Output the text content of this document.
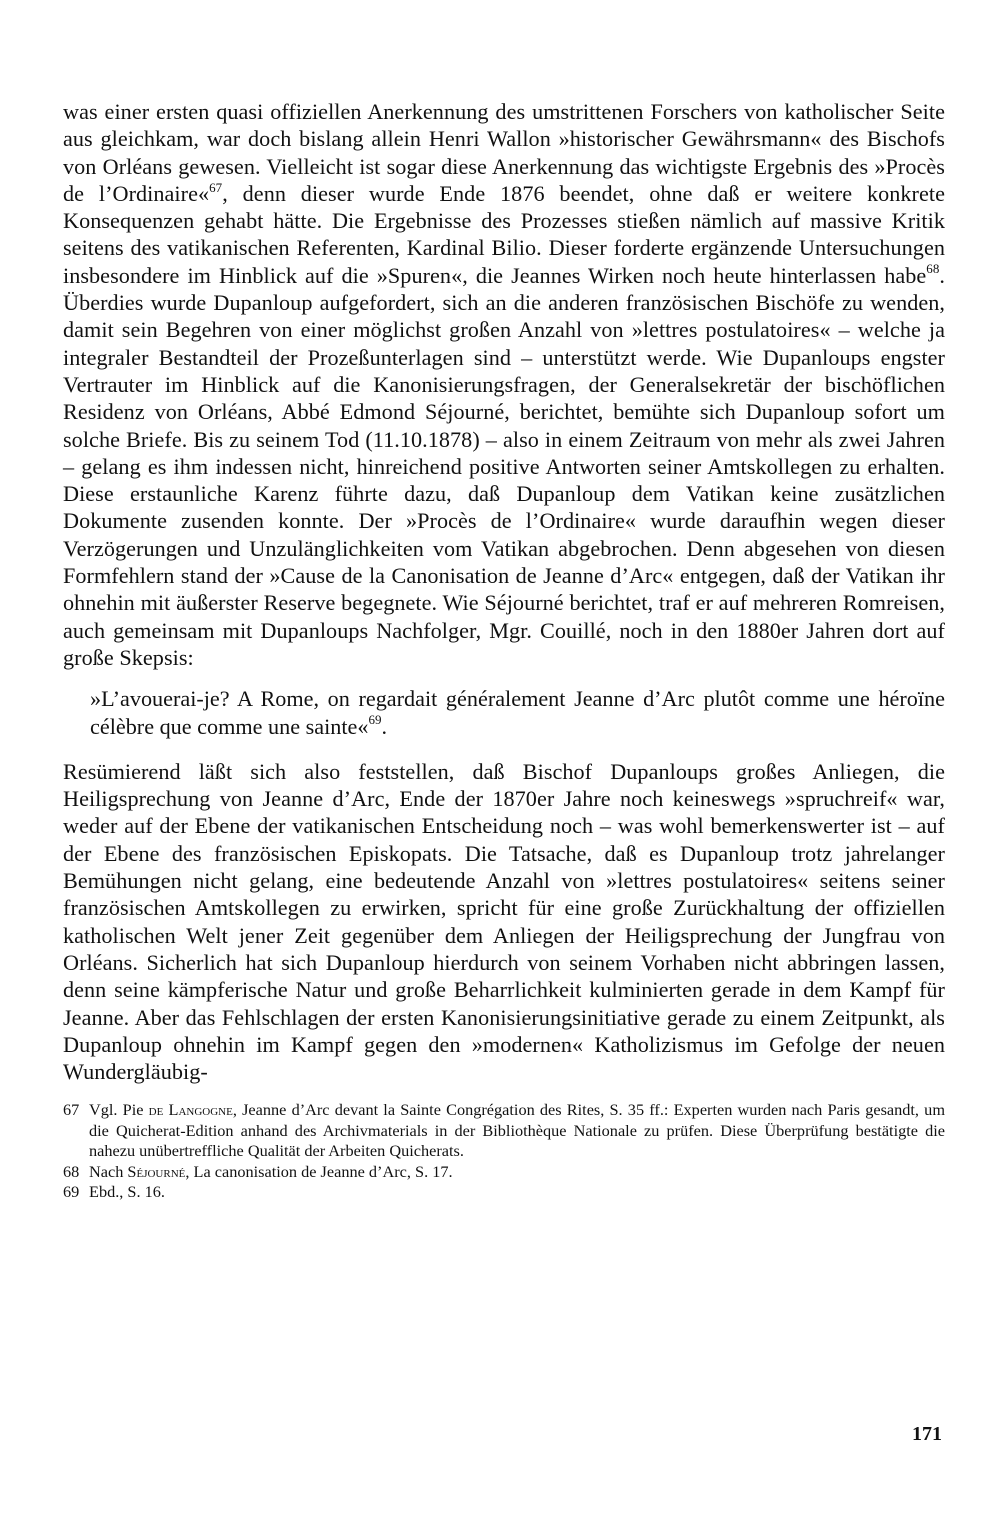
was einer ersten quasi offiziellen Anerkennung des umstrittenen Forschers von katholischer Seite aus gleichkam, war doch bislang allein Henri Wallon »historischer Gewährsmann« des Bischofs von Orléans gewesen. Vielleicht ist sogar diese Anerkennung das wichtigste Ergebnis des »Procès de l’Ordinaire«$^{67}$, denn dieser wurde Ende 1876 beendet, ohne daß er weitere konkrete Konsequenzen gehabt hätte. Die Ergebnisse des Prozesses stießen nämlich auf massive Kritik seitens des vatikanischen Referenten, Kardinal Bilio. Dieser forderte ergänzende Untersuchungen insbesondere im Hinblick auf die »Spuren«, die Jeannes Wirken noch heute hinterlassen habe$^{68}$. Überdies wurde Dupanloup aufgefordert, sich an die anderen französischen Bischöfe zu wenden, damit sein Begehren von einer möglichst großen Anzahl von »lettres postulatoires« – welche ja integraler Bestandteil der Prozeßunterlagen sind – unterstützt werde. Wie Dupanloups engster Vertrauter im Hinblick auf die Kanonisierungsfragen, der Generalsekretär der bischöflichen Residenz von Orléans, Abbé Edmond Séjourné, berichtet, bemühte sich Dupanloup sofort um solche Briefe. Bis zu seinem Tod (11.10.1878) – also in einem Zeitraum von mehr als zwei Jahren – gelang es ihm indessen nicht, hinreichend positive Antworten seiner Amtskollegen zu erhalten. Diese erstaunliche Karenz führte dazu, daß Dupanloup dem Vatikan keine zusätzlichen Dokumente zusenden konnte. Der »Procès de l’Ordinaire« wurde daraufhin wegen dieser Verzögerungen und Unzulänglichkeiten vom Vatikan abgebrochen. Denn abgesehen von diesen Formfehlern stand der »Cause de la Canonisation de Jeanne d’Arc« entgegen, daß der Vatikan ihr ohnehin mit äußerster Reserve begegnete. Wie Séjourné berichtet, traf er auf mehreren Romreisen, auch gemeinsam mit Dupanloups Nachfolger, Mgr. Couillé, noch in den 1880er Jahren dort auf große Skepsis:

»L’avouerai-je? A Rome, on regardait généralement Jeanne d’Arc plutôt comme une héroïne célèbre que comme une sainte«$^{69}$.

Resümierend läßt sich also feststellen, daß Bischof Dupanloups großes Anliegen, die Heiligsprechung von Jeanne d’Arc, Ende der 1870er Jahre noch keineswegs »spruchreif« war, weder auf der Ebene der vatikanischen Entscheidung noch – was wohl bemerkenswerter ist – auf der Ebene des französischen Episkopats. Die Tatsache, daß es Dupanloup trotz jahrelanger Bemühungen nicht gelang, eine bedeutende Anzahl von »lettres postulatoires« seitens seiner französischen Amtskollegen zu erwirken, spricht für eine große Zurückhaltung der offiziellen katholischen Welt jener Zeit gegenüber dem Anliegen der Heiligsprechung der Jungfrau von Orléans. Sicherlich hat sich Dupanloup hierdurch von seinem Vorhaben nicht abbringen lassen, denn seine kämpferische Natur und große Beharrlichkeit kulminierten gerade in dem Kampf für Jeanne. Aber das Fehlschlagen der ersten Kanonisierungsinitiative gerade zu einem Zeitpunkt, als Dupanloup ohnehin im Kampf gegen den »modernen« Katholizismus im Gefolge der neuen Wundergläubig-

67 Vgl. Pie de Langogne, Jeanne d’Arc devant la Sainte Congrégation des Rites, S. 35 ff.: Experten wurden nach Paris gesandt, um die Quicherat-Edition anhand des Archivmaterials in der Bibliothèque Nationale zu prüfen. Diese Überprüfung bestätigte die nahezu unübertreffliche Qualität der Arbeiten Quicherats.
68 Nach Séjourné, La canonisation de Jeanne d’Arc, S. 17.
69 Ebd., S. 16.
171
